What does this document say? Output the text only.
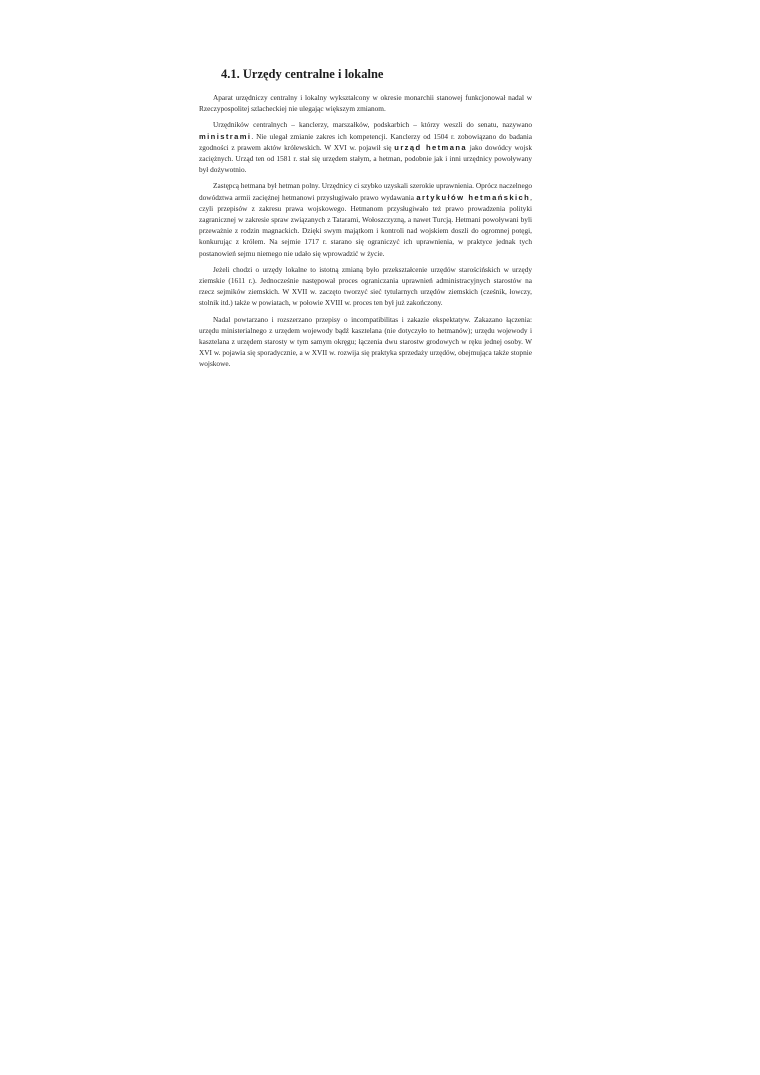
4.1. Urzędy centralne i lokalne

Aparat urzędniczy centralny i lokalny wykształcony w okresie monarchii stanowej funkcjonował nadal w Rzeczypospolitej szlacheckiej nie ulegając większym zmianom.

Urzędników centralnych – kanclerzy, marszałków, podskarbich – którzy weszli do senatu, nazywano ministrami. Nie ulegał zmianie zakres ich kompetencji. Kanclerzy od 1504 r. zobowiązano do badania zgodności z prawem aktów królewskich. W XVI w. pojawił się urząd hetmana jako dowódcy wojsk zaciężnych. Urząd ten od 1581 r. stał się urzędem stałym, a hetman, podobnie jak i inni urzędnicy powoływany był dożywotnio.

Zastępcą hetmana był hetman polny. Urzędnicy ci szybko uzyskali szerokie uprawnienia. Oprócz naczelnego dowództwa armii zaciężnej hetmanowi przysługiwało prawo wydawania artykułów hetmańskich, czyli przepisów z zakresu prawa wojskowego. Hetmanom przysługiwało też prawo prowadzenia polityki zagranicznej w zakresie spraw związanych z Tatarami, Wołoszczyzną, a nawet Turcją. Hetmani powoływani byli przeważnie z rodzin magnackich. Dzięki swym majątkom i kontroli nad wojskiem doszli do ogromnej potęgi, konkurując z królem. Na sejmie 1717 r. starano się ograniczyć ich uprawnienia, w praktyce jednak tych postanowień sejmu niemego nie udało się wprowadzić w życie.

Jeżeli chodzi o urzędy lokalne to istotną zmianą było przekształcenie urzędów starościńskich w urzędy ziemskie (1611 r.). Jednocześnie następował proces ograniczania uprawnień administracyjnych starostów na rzecz sejmików ziemskich. W XVII w. zaczęto tworzyć sieć tytularnych urzędów ziemskich (cześnik, łowczy, stolnik itd.) także w powiatach, w połowie XVIII w. proces ten był już zakończony.

Nadal powtarzano i rozszerzano przepisy o incompatibilitas i zakazie ekspektatyw. Zakazano łączenia: urzędu ministerialnego z urzędem wojewody bądź kasztelana (nie dotyczyło to hetmanów); urzędu wojewody i kasztelana z urzędem starosty w tym samym okręgu; łączenia dwu starostw grodowych w ręku jednej osoby. W XVI w. pojawia się sporadycznie, a w XVII w. rozwija się praktyka sprzedaży urzędów, obejmująca także stopnie wojskowe.
